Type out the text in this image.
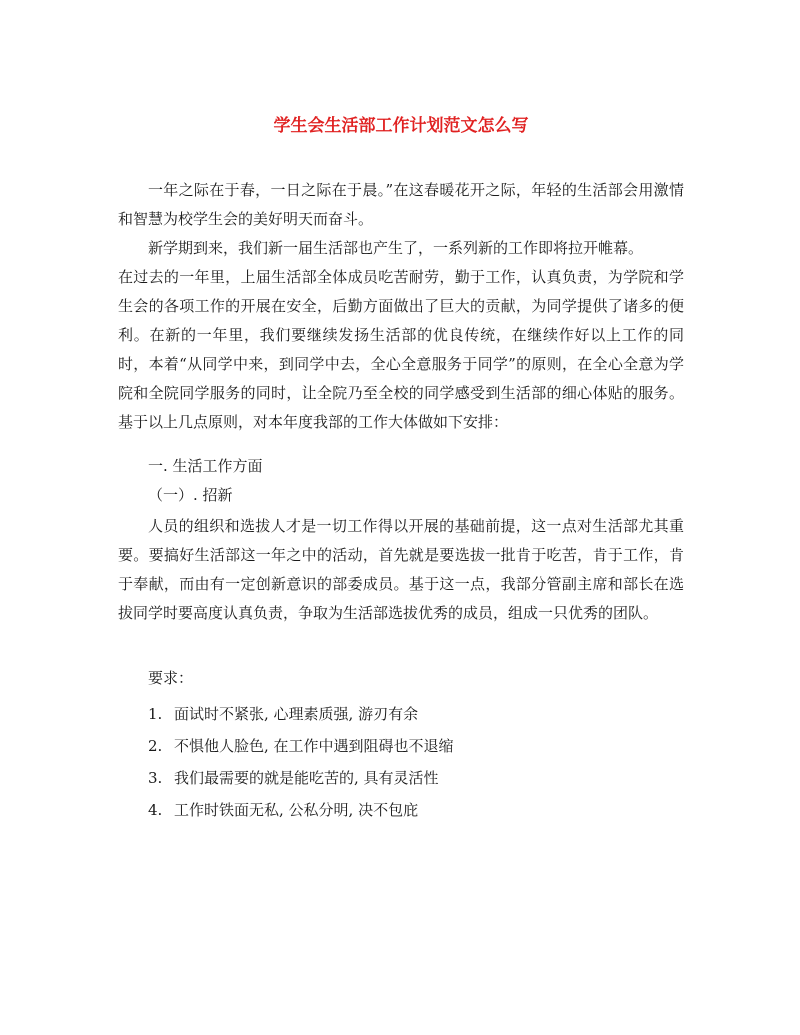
学生会生活部工作计划范文怎么写

一年之际在于春，一日之际在于晨。”在这春暖花开之际，年轻的生活部会用激情和智慧为校学生会的美好明天而奋斗。

新学期到来，我们新一届生活部也产生了，一系列新的工作即将拉开帷幕。

在过去的一年里，上届生活部全体成员吃苦耐劳，勤于工作，认真负责，为学院和学生会的各项工作的开展在安全，后勤方面做出了巨大的贡献，为同学提供了诸多的便利。在新的一年里，我们要继续发扬生活部的优良传统，在继续作好以上工作的同时，本着“从同学中来，到同学中去，全心全意服务于同学”的原则，在全心全意为学院和全院同学服务的同时，让全院乃至全校的同学感受到生活部的细心体贴的服务。基于以上几点原则，对本年度我部的工作大体做如下安排：

一. 生活工作方面

（一）. 招新

人员的组织和选拔人才是一切工作得以开展的基础前提，这一点对生活部尤其重要。要搞好生活部这一年之中的活动，首先就是要选拔一批肯于吃苦，肯于工作，肯于奉献，而由有一定创新意识的部委成员。基于这一点，我部分管副主席和部长在选拔同学时要高度认真负责，争取为生活部选拔优秀的成员，组成一只优秀的团队。

要求：

1. 面试时不紧张, 心理素质强, 游刃有余
2. 不惧他人脸色, 在工作中遇到阻碍也不退缩
3. 我们最需要的就是能吃苦的, 具有灵活性
4. 工作时铁面无私, 公私分明, 决不包庇
